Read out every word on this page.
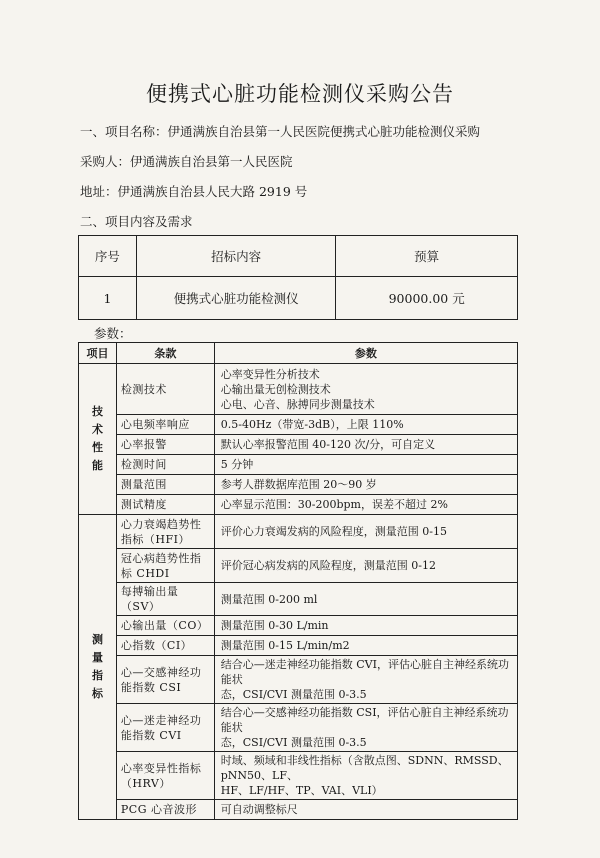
便携式心脏功能检测仪采购公告
一、项目名称：伊通满族自治县第一人民医院便携式心脏功能检测仪采购
采购人：伊通满族自治县第一人民医院
地址：伊通满族自治县人民大路 2919 号
二、项目内容及需求
序号	招标内容	预算
1	便携式心脏功能检测仪	90000.00 元
参数：
项目	条款	参数
技
术
性
能	检测技术	心率变异性分析技术
心输出量无创检测技术
心电、心音、脉搏同步测量技术
	心电频率响应	0.5-40Hz（带宽-3dB），上限 110%
	心率报警	默认心率报警范围 40-120 次/分，可自定义
	检测时间	5 分钟
	测量范围	参考人群数据库范围 20～90 岁
	测试精度	心率显示范围：30-200bpm，误差不超过 2%
测
量
指
标	心力衰竭趋势性
指标（HFI）	评价心力衰竭发病的风险程度，测量范围 0-15
	冠心病趋势性指
标 CHDI	评价冠心病发病的风险程度，测量范围 0-12
	每搏输出量（SV）	测量范围 0-200 ml
	心输出量（CO）	测量范围 0-30 L/min
	心指数（CI）	测量范围 0-15 L/min/m2
	心—交感神经功
能指数 CSI	结合心—迷走神经功能指数 CVI，评估心脏自主神经系统功能状
态，CSI/CVI 测量范围 0-3.5
	心—迷走神经功
能指数 CVI	结合心—交感神经功能指数 CSI，评估心脏自主神经系统功能状
态，CSI/CVI 测量范围 0-3.5
	心率变异性指标
（HRV）	时域、频域和非线性指标（含散点图、SDNN、RMSSD、pNN50、LF、
HF、LF/HF、TP、VAI、VLI）
	PCG 心音波形	可自动调整标尺
